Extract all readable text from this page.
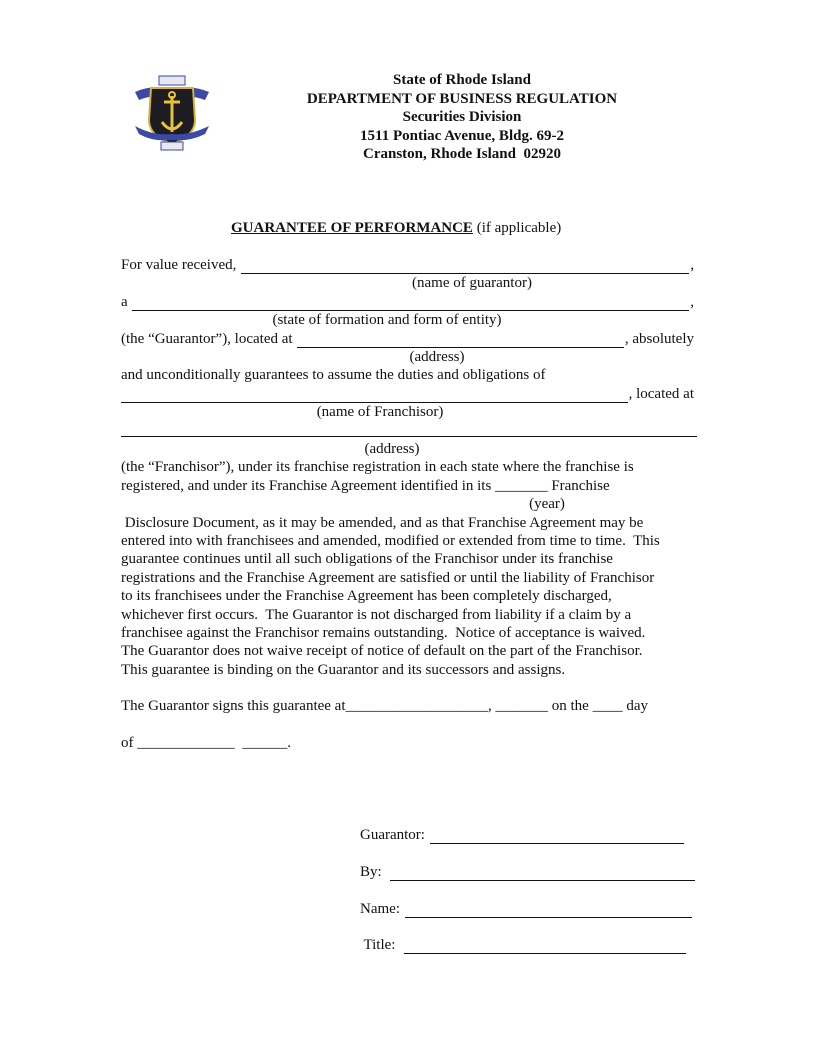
State of Rhode Island
DEPARTMENT OF BUSINESS REGULATION
Securities Division
1511 Pontiac Avenue, Bldg. 69-2
Cranston, Rhode Island  02920
GUARANTEE OF PERFORMANCE (if applicable)
For value received,	,
(name of guarantor)
a	,
(state of formation and form of entity)
(the “Guarantor”), located at	, absolutely
(address)
and unconditionally guarantees to assume the duties and obligations of
, located at
(name of Franchisor)
(address)
(the “Franchisor”), under its franchise registration in each state where the franchise is
registered, and under its Franchise Agreement identified in its _______ Franchise
(year)
Disclosure Document, as it may be amended, and as that Franchise Agreement may be
entered into with franchisees and amended, modified or extended from time to time.  This
guarantee continues until all such obligations of the Franchisor under its franchise
registrations and the Franchise Agreement are satisfied or until the liability of Franchisor
to its franchisees under the Franchise Agreement has been completely discharged,
whichever first occurs.  The Guarantor is not discharged from liability if a claim by a
franchisee against the Franchisor remains outstanding.  Notice of acceptance is waived.
The Guarantor does not waive receipt of notice of default on the part of the Franchisor.
This guarantee is binding on the Guarantor and its successors and assigns.
The Guarantor signs this guarantee at___________________, _______ on the ____ day
of _____________  ______.
Guarantor:
By:
Name:
Title:
